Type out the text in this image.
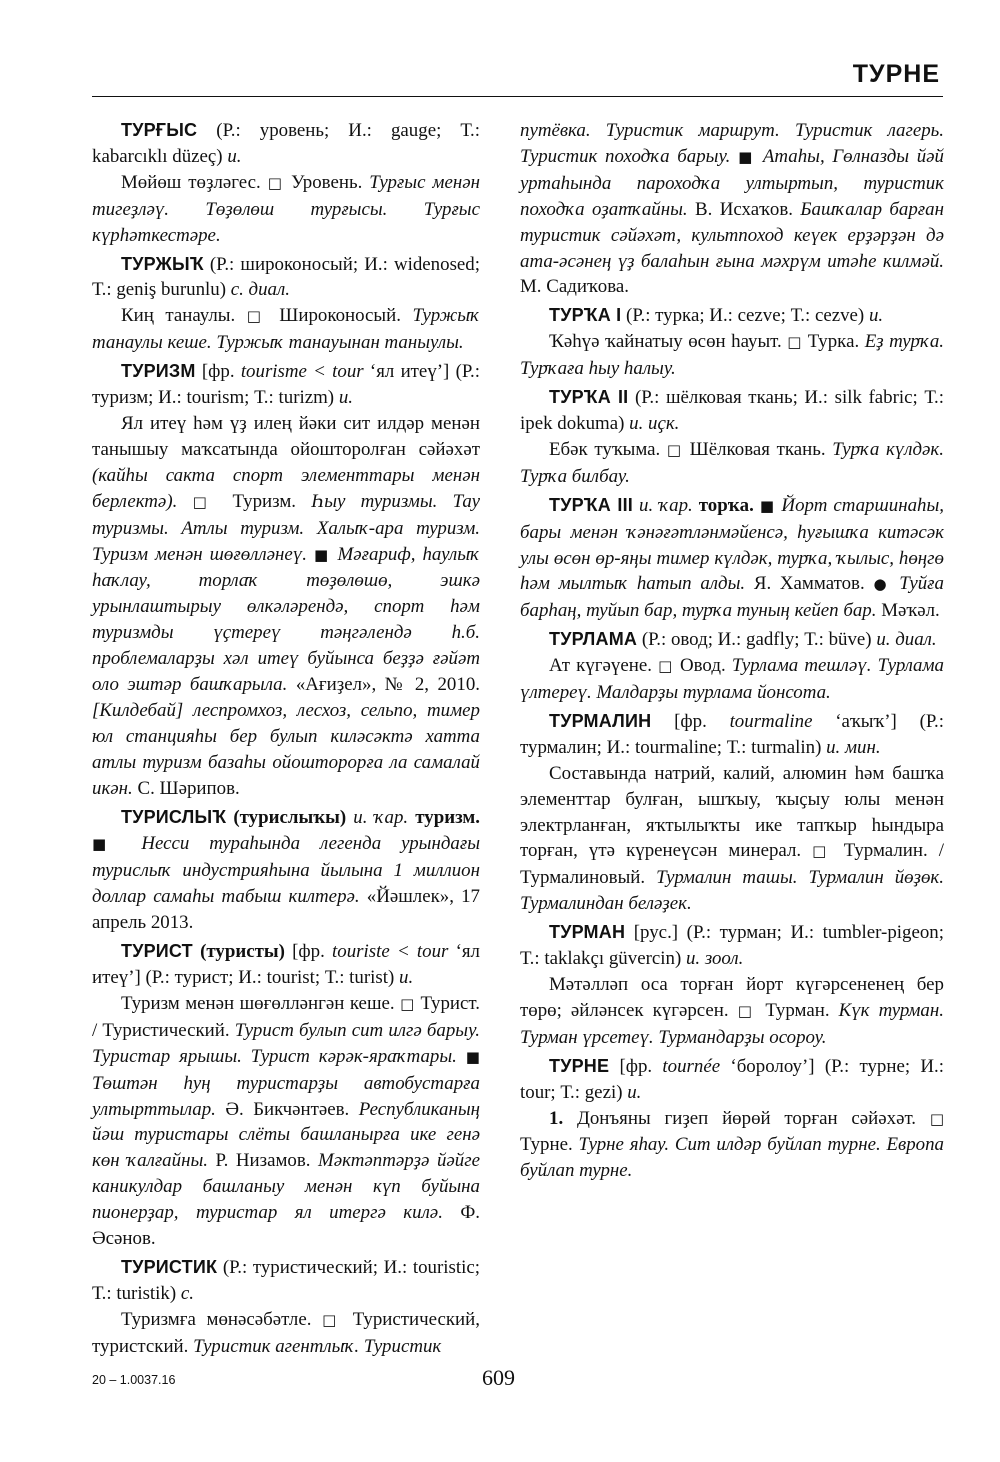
ТУРНЕ

ТУРҒЫС (Р.: уровень; И.: gauge; Т.: kabarcıklı düzeç) и.

Мөйөш төҙләгес. □ Уровень. Турғыс менән тигеҙләү. Төҙөлөш турғысы. Турғыс күрһәткестәре.

ТУРЖЫҠ (Р.: широконосый; И.: widenosed; Т.: geniş burunlu) с. диал.

Киң танаулы. □ Широконосый. Туржыҡ танаулы кеше. Туржыҡ танауынан таныулы.

ТУРИЗМ [фр. tourisme < tour ‘ял итеү’] (Р.: туризм; И.: tourism; Т.: turizm) и.

Ял итеү һәм үҙ илең йәки сит илдәр менән танышыу маҡсатында ойошторолған сәйәхәт (кайһы сакта спорт элементтары менән берлектә). □ Туризм. Һыу туризмы. Тау туризмы. Атлы туризм. Халыҡ-ара туризм. Туризм менән шөғөлләнеү. ■ Мәғариф, һаулыҡ һаҡлау, торлаҡ төҙөлөшө, эшкә урынлаштырыу өлкәләрендә, спорт һәм туризмды үҫтереү тәңгәлендә һ.б. проблемаларҙы хәл итеү буйынса беҙҙә ғәйәт оло эштәр башҡарыла. «Ағиҙел», № 2, 2010. [Килдебай] леспромхоз, лесхоз, сельпо, тимер юл станцияһы бер булып киләсәктә хатта атлы туризм базаһы ойошторорға ла самалай икән. С. Шәрипов.

ТУРИСЛЫҠ (турислыҡы) и. ҡар. туризм. ■ Несси тураһында легенда урындағы турислыҡ индустрияһына йылына 1 миллион доллар самаһы табыш килтерә. «Йәшлек», 17 апрель 2013.

ТУРИСТ (туристы) [фр. touriste < tour ‘ял итеү’] (Р.: турист; И.: tourist; Т.: turist) и.

Туризм менән шөғөлләнгән кеше. □ Турист. / Туристический. Турист булып сит илгә барыу. Туристар ярышы. Турист кәрәк-яраҡтары. ■ Төштән һуң туристарҙы автобустарға ултырттылар. Ә. Бикчәнтәев. Республиканың йәш туристары слёты башланырға ике генә көн ҡалғайны. Р. Низамов. Мәктәптәрҙә йәйге каникулдар башланыу менән күп буйына пионерҙар, туристар ял итергә килә. Ф. Әсәнов.

ТУРИСТИК (Р.: туристический; И.: touristic; Т.: turistik) с.

Туризмға мөнәсәбәтле. □ Туристический, туристский. Туристик агентлыҡ. Туристик

путёвка. Туристик маршрут. Туристик лагерь. Туристик походҡа барыу. ■ Атаһы, Гөлназды йәй уртаһында пароходҡа ултыртып, туристик походҡа оҙатҡайны. В. Исхаҡов. Башҡалар барған туристик сәйәхәт, культпоход кеүек ерҙәрҙән дә ата-әсәнең үҙ балаһын ғына мәхрүм итәһе килмәй. М. Садиҡова.

ТУРҠА I (Р.: турка; И.: cezve; Т.: cezve) и.

Ҡәһүә ҡайнатыу өсөн һауыт. □ Турка. Еҙ турҡа. Турҡаға һыу һалыу.

ТУРҠА II (Р.: шёлковая ткань; И.: silk fabric; Т.: ipek dokuma) и. иҫк.

Ебәк туҡыма. □ Шёлковая ткань. Турҡа күлдәк. Турҡа билбау.

ТУРҠА III и. ҡар. торҡа. ■ Йорт старшинаһы, бары менән ҡәнәғәтләнмәйенсә, һуғышҡа китәсәк улы өсөн өр-яңы тимер күлдәк, турҡа, ҡылыс, һөңгө һәм мылтыҡ һатып алды. Я. Хамматов. ● Туйға барһаң, туйып бар, турҡа туның кейеп бар. Мәҡәл.

ТУРЛАМА (Р.: овод; И.: gadfly; Т.: büve) и. диал.

Ат күгәүене. □ Овод. Турлама тешләү. Турлама үлтереү. Малдарҙы турлама йонсота.

ТУРМАЛИН [фр. tourmaline ‘аҡыҡ’] (Р.: турмалин; И.: tourmaline; Т.: turmalin) и. мин.

Составында натрий, калий, алюмин һәм башҡа элементтар булған, ышҡыу, ҡыҫыу юлы менән электрланған, яҡтылыҡты ике тапҡыр һындыра торған, үтә күренеүсән минерал. □ Турмалин. / Турмалиновый. Турмалин ташы. Турмалин йөҙөк. Турмалиндан беләҙек.

ТУРМАН [рус.] (Р.: турман; И.: tumbler-pigeon; Т.: taklakçı güvercin) и. зоол.

Мәтәлләп оса торған йорт күгәрсененең бер төрө; әйләнсек күгәрсен. □ Турман. Күк турман. Турман үрсетеү. Турмандарҙы осороу.

ТУРНЕ [фр. tournée ‘боролоу’] (Р.: турне; И.: tour; Т.: gezi) и.

1. Донъяны гиҙеп йөрөй торған сәйәхәт. □ Турне. Турне яһау. Сит илдәр буйлап турне. Европа буйлап турне.

20 – 1.0037.16	609
